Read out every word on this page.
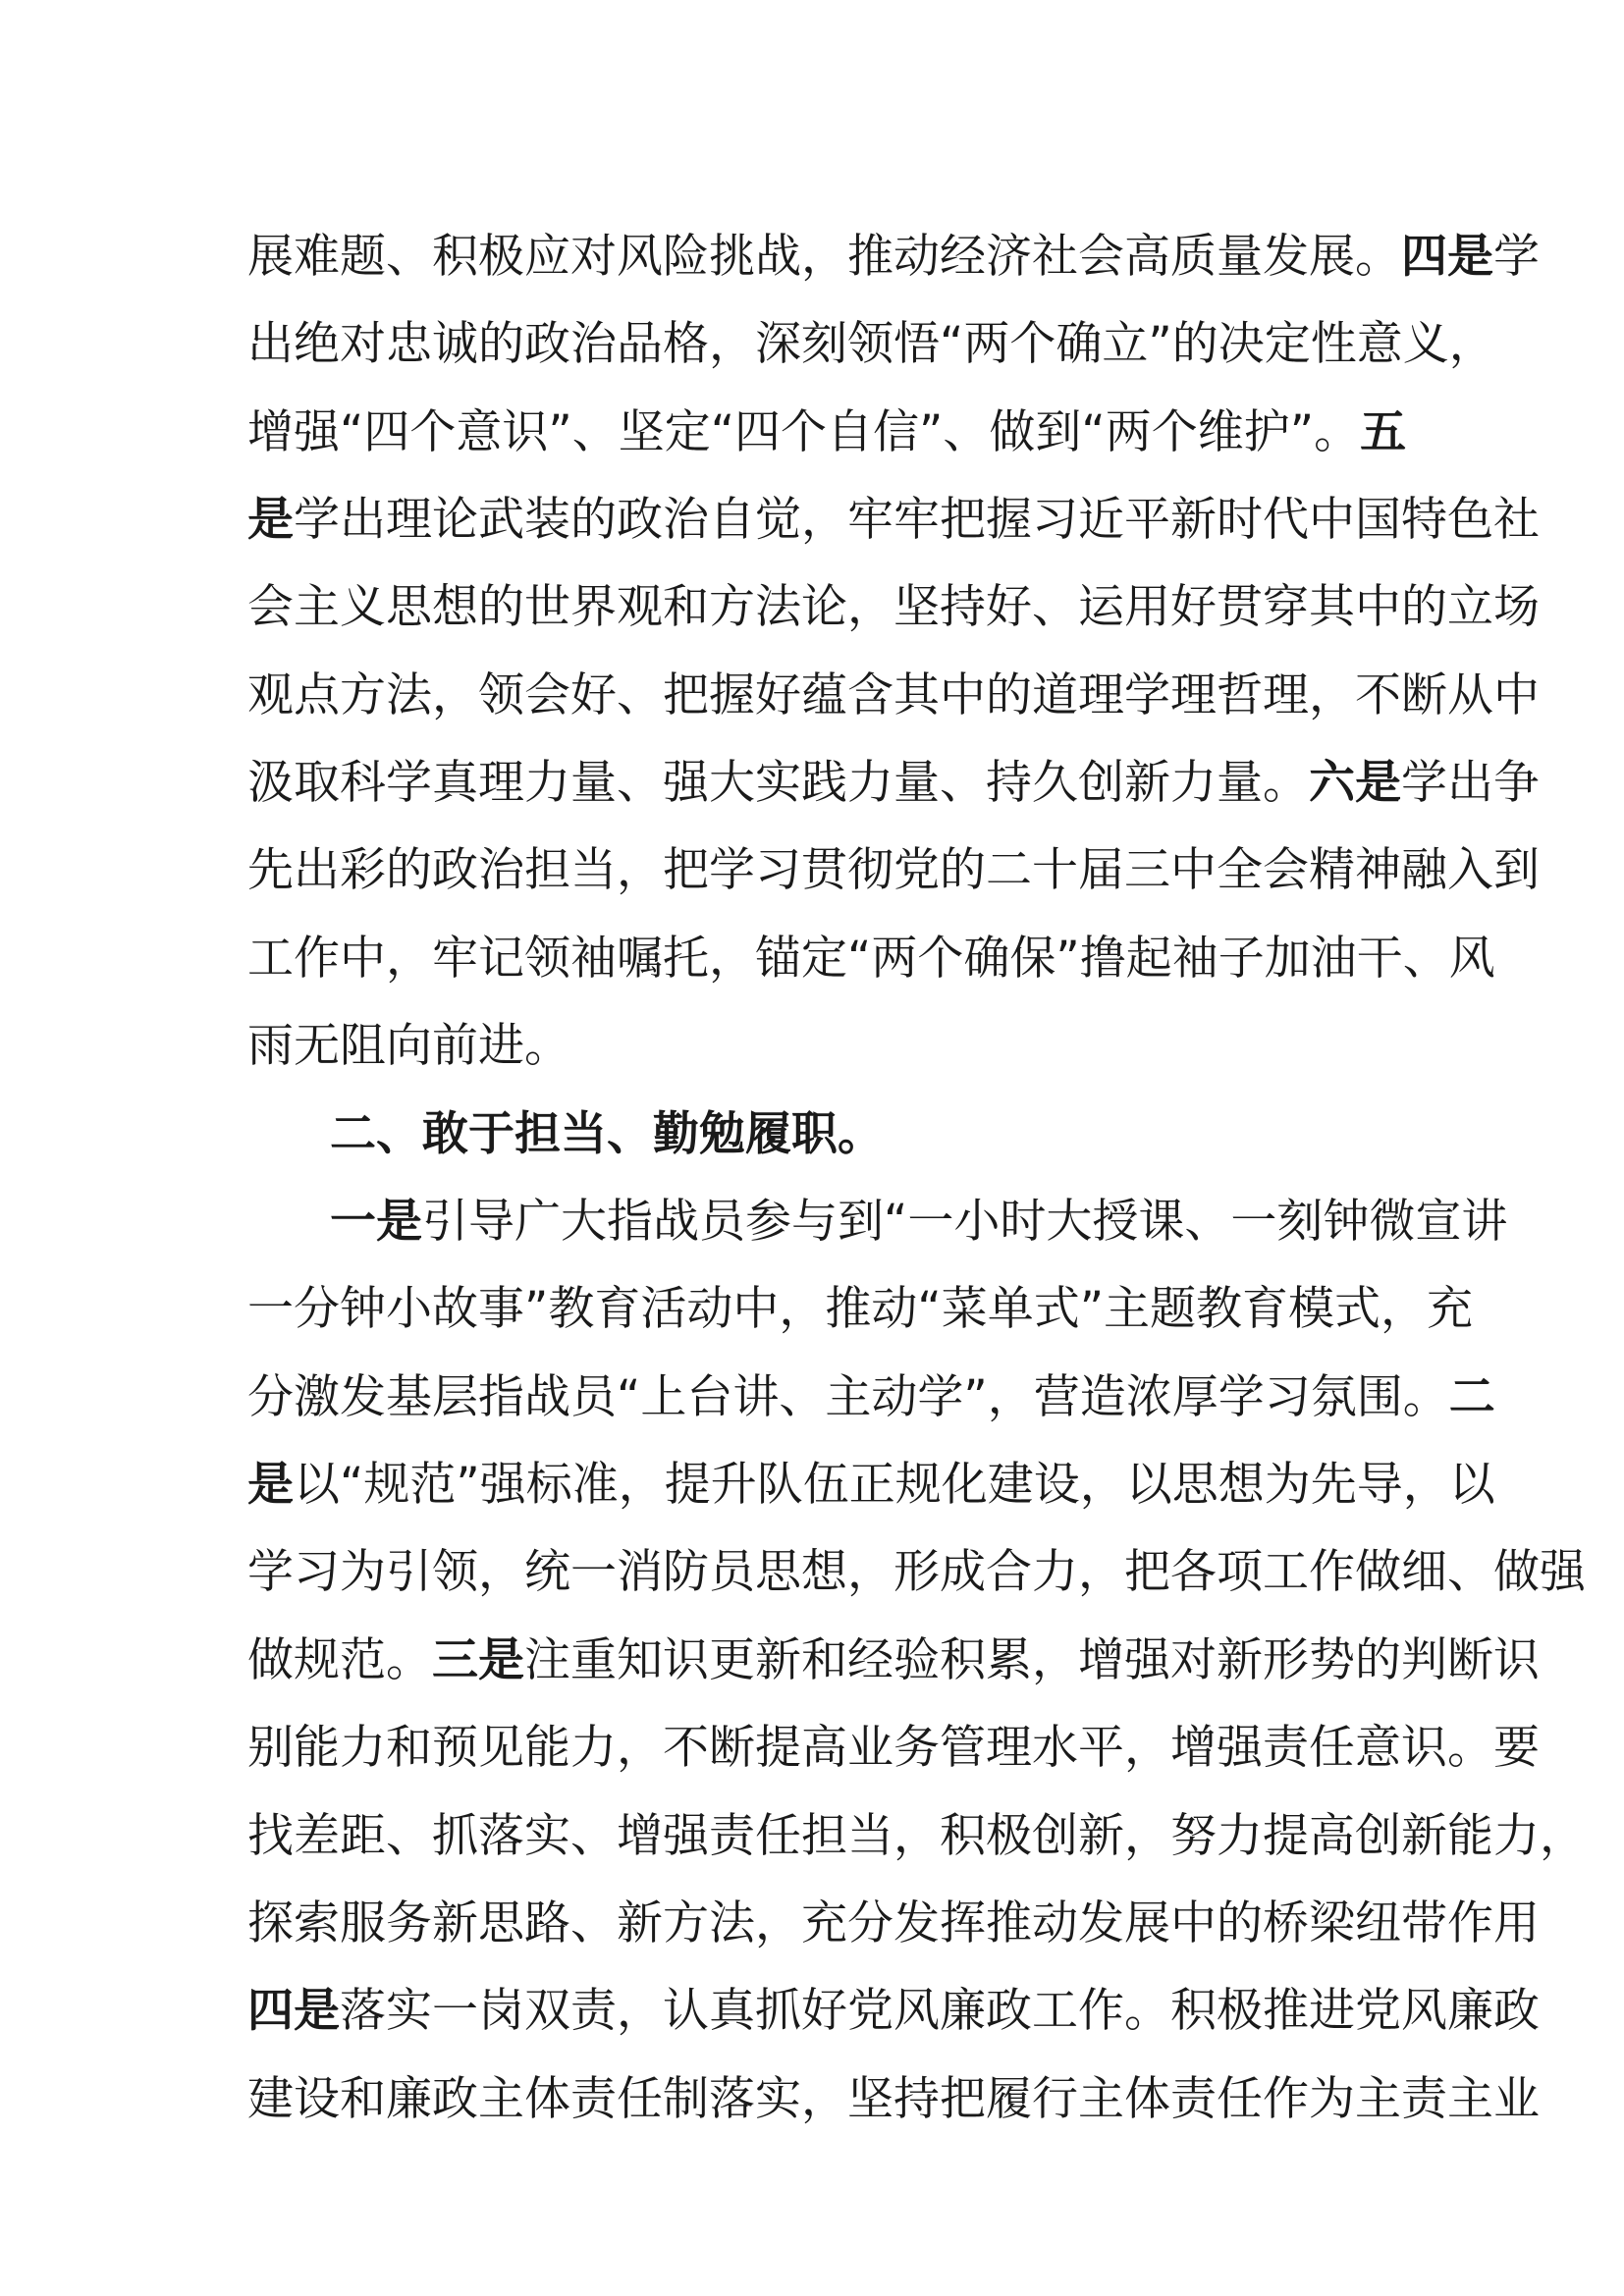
展难题、积极应对风险挑战，推动经济社会高质量发展。四是学
出绝对忠诚的政治品格，深刻领悟“两个确立”的决定性意义，
增强“四个意识”、坚定“四个自信”、做到“两个维护”。五
是学出理论武装的政治自觉，牢牢把握习近平新时代中国特色社
会主义思想的世界观和方法论，坚持好、运用好贯穿其中的立场
观点方法，领会好、把握好蕴含其中的道理学理哲理，不断从中
汲取科学真理力量、强大实践力量、持久创新力量。六是学出争
先出彩的政治担当，把学习贯彻党的二十届三中全会精神融入到
工作中，牢记领袖嘱托，锚定“两个确保”撸起袖子加油干、风
雨无阻向前进。
二、敢于担当、勤勉履职。
一是引导广大指战员参与到“一小时大授课、一刻钟微宣讲
一分钟小故事”教育活动中，推动“菜单式”主题教育模式，充
分激发基层指战员“上台讲、主动学”，营造浓厚学习氛围。二
是以“规范”强标准，提升队伍正规化建设，以思想为先导，以
学习为引领，统一消防员思想，形成合力，把各项工作做细、做强
做规范。三是注重知识更新和经验积累，增强对新形势的判断识
别能力和预见能力，不断提高业务管理水平，增强责任意识。要
找差距、抓落实、增强责任担当，积极创新，努力提高创新能力，
探索服务新思路、新方法，充分发挥推动发展中的桥梁纽带作用
四是落实一岗双责，认真抓好党风廉政工作。积极推进党风廉政
建设和廉政主体责任制落实，坚持把履行主体责任作为主责主业
